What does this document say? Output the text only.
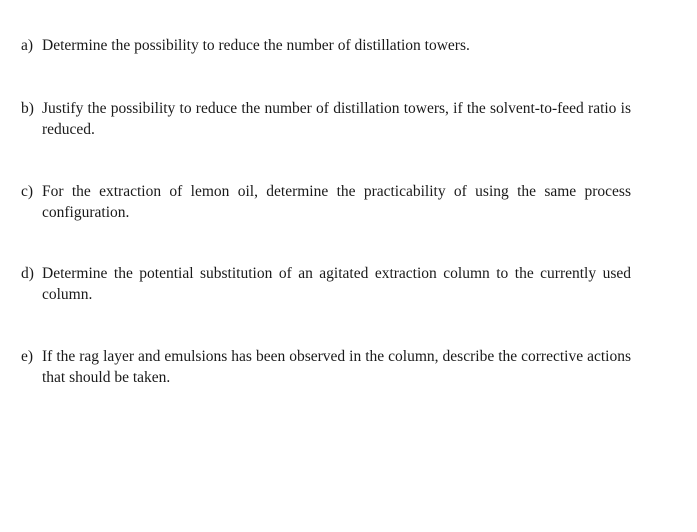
a) Determine the possibility to reduce the number of distillation towers.
b) Justify the possibility to reduce the number of distillation towers, if the solvent-to-feed ratio is reduced.
c) For the extraction of lemon oil, determine the practicability of using the same process configuration.
d) Determine the potential substitution of an agitated extraction column to the currently used column.
e) If the rag layer and emulsions has been observed in the column, describe the corrective actions that should be taken.
